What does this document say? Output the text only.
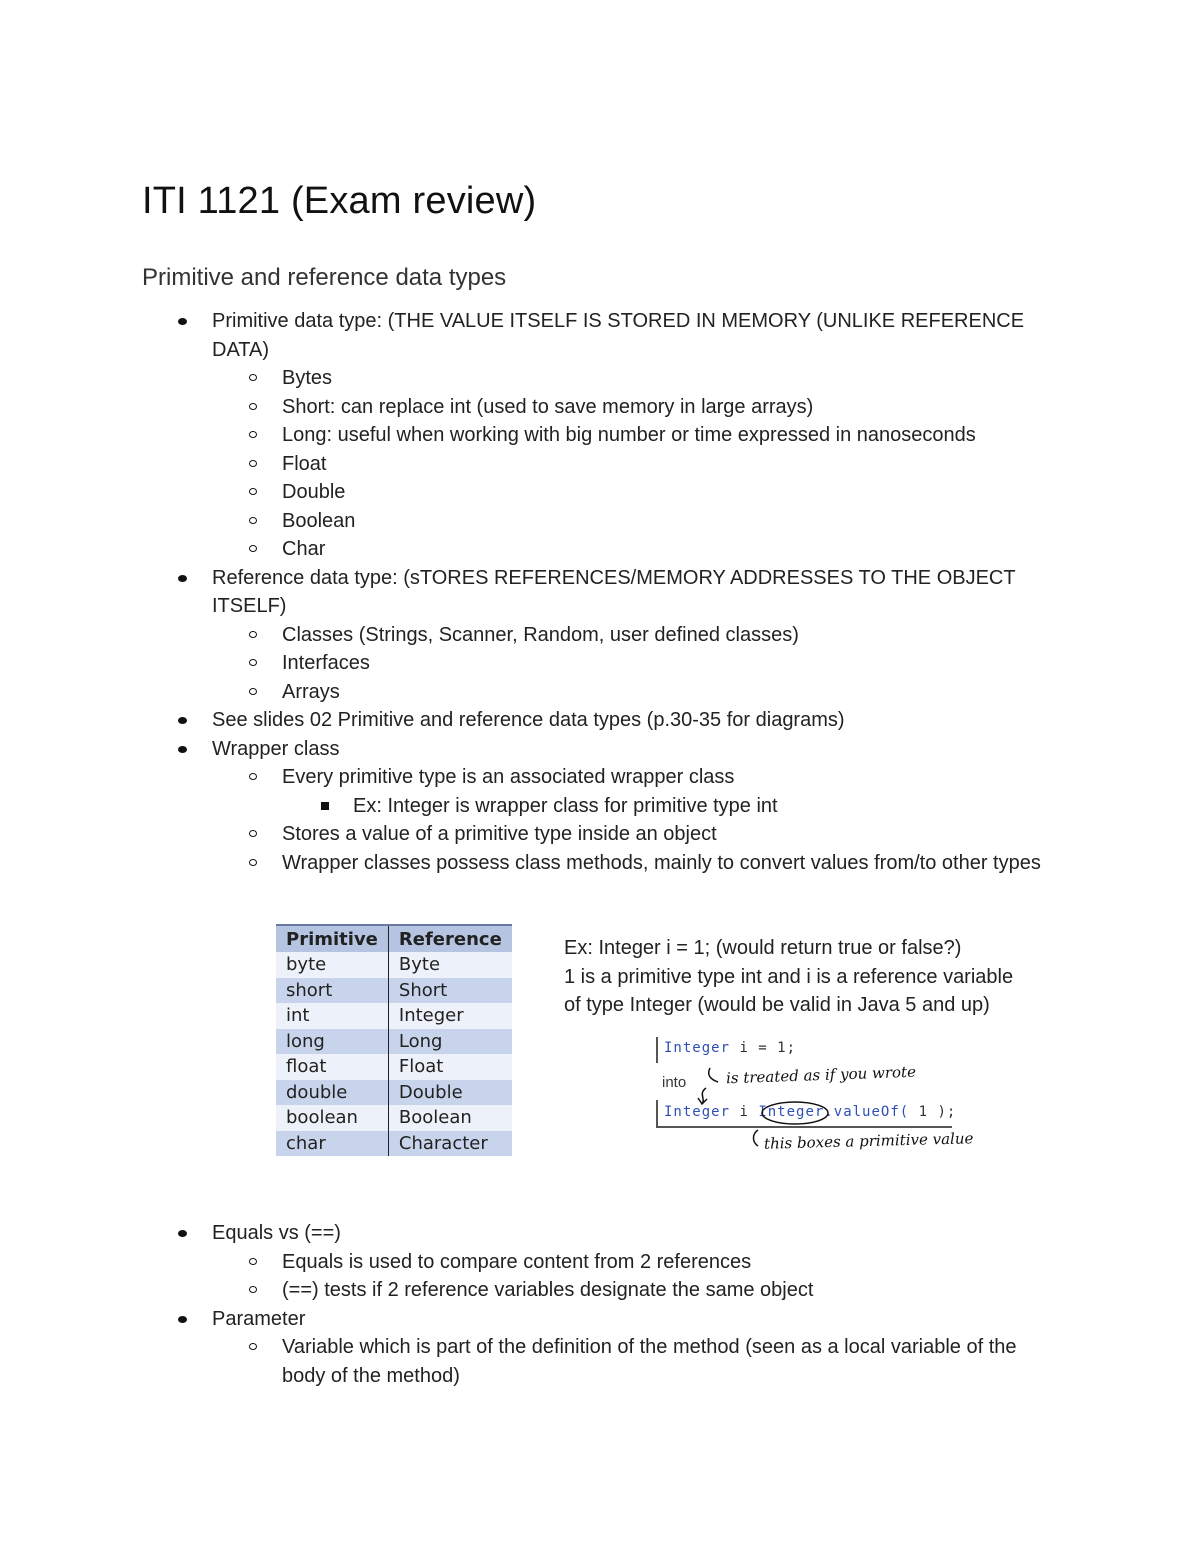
ITI 1121 (Exam review)
Primitive and reference data types
Primitive data type: (THE VALUE ITSELF IS STORED IN MEMORY (UNLIKE REFERENCE DATA)
Bytes
Short: can replace int (used to save memory in large arrays)
Long: useful when working with big number or time expressed in nanoseconds
Float
Double
Boolean
Char
Reference data type: (sTORES REFERENCES/MEMORY ADDRESSES TO THE OBJECT ITSELF)
Classes (Strings, Scanner, Random, user defined classes)
Interfaces
Arrays
See slides 02 Primitive and reference data types (p.30-35 for diagrams)
Wrapper class
Every primitive type is an associated wrapper class
Ex: Integer is wrapper class for primitive type int
Stores a value of a primitive type inside an object
Wrapper classes possess class methods, mainly to convert values from/to other types
Primitive	Reference
byte	Byte
short	Short
int	Integer
long	Long
float	Float
double	Double
boolean	Boolean
char	Character
Ex: Integer i = 1; (would return true or false?)
1 is a primitive type int and i is a reference variable
of type Integer (would be valid in Java 5 and up)
Integer i = 1;
into	is treated as if you wrote
Integer i Integer.valueOf( 1 );
this boxes a primitive value
Equals vs (==)
Equals is used to compare content from 2 references
(==) tests if 2 reference variables designate the same object
Parameter
Variable which is part of the definition of the method (seen as a local variable of the body of the method)
